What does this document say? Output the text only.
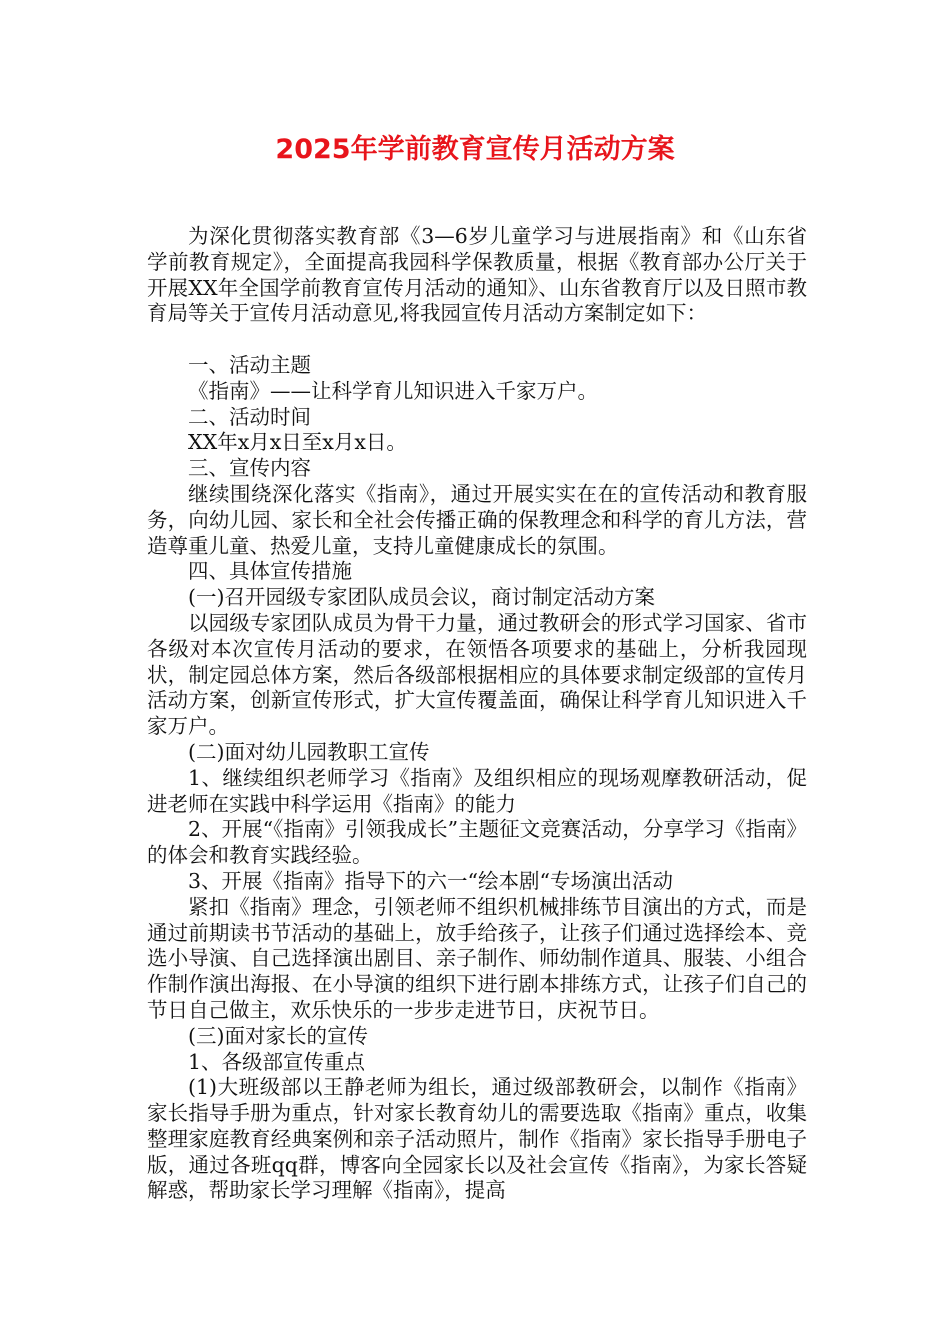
2025年学前教育宣传月活动方案

为深化贯彻落实教育部《3—6岁儿童学习与进展指南》和《山东省学前教育规定》，全面提高我园科学保教质量，根据《教育部办公厅关于开展XX年全国学前教育宣传月活动的通知》、山东省教育厅以及日照市教育局等关于宣传月活动意见,将我园宣传月活动方案制定如下：

一、活动主题

《指南》——让科学育儿知识进入千家万户。

二、活动时间

XX年x月x日至x月x日。

三、宣传内容

继续围绕深化落实《指南》，通过开展实实在在的宣传活动和教育服务，向幼儿园、家长和全社会传播正确的保教理念和科学的育儿方法，营造尊重儿童、热爱儿童，支持儿童健康成长的氛围。

四、具体宣传措施

(一)召开园级专家团队成员会议，商讨制定活动方案

以园级专家团队成员为骨干力量，通过教研会的形式学习国家、省市各级对本次宣传月活动的要求，在领悟各项要求的基础上，分析我园现状，制定园总体方案，然后各级部根据相应的具体要求制定级部的宣传月活动方案，创新宣传形式，扩大宣传覆盖面，确保让科学育儿知识进入千家万户。

(二)面对幼儿园教职工宣传

1、继续组织老师学习《指南》及组织相应的现场观摩教研活动，促进老师在实践中科学运用《指南》的能力

2、开展“《指南》引领我成长”主题征文竞赛活动，分享学习《指南》的体会和教育实践经验。

3、开展《指南》指导下的六一“绘本剧“专场演出活动

紧扣《指南》理念，引领老师不组织机械排练节目演出的方式，而是通过前期读书节活动的基础上，放手给孩子，让孩子们通过选择绘本、竞选小导演、自己选择演出剧目、亲子制作、师幼制作道具、服装、小组合作制作演出海报、在小导演的组织下进行剧本排练方式，让孩子们自己的节日自己做主，欢乐快乐的一步步走进节日，庆祝节日。

(三)面对家长的宣传

1、各级部宣传重点

(1)大班级部以王静老师为组长，通过级部教研会，以制作《指南》家长指导手册为重点，针对家长教育幼儿的需要选取《指南》重点，收集整理家庭教育经典案例和亲子活动照片，制作《指南》家长指导手册电子版，通过各班qq群，博客向全园家长以及社会宣传《指南》，为家长答疑解惑，帮助家长学习理解《指南》，提高
